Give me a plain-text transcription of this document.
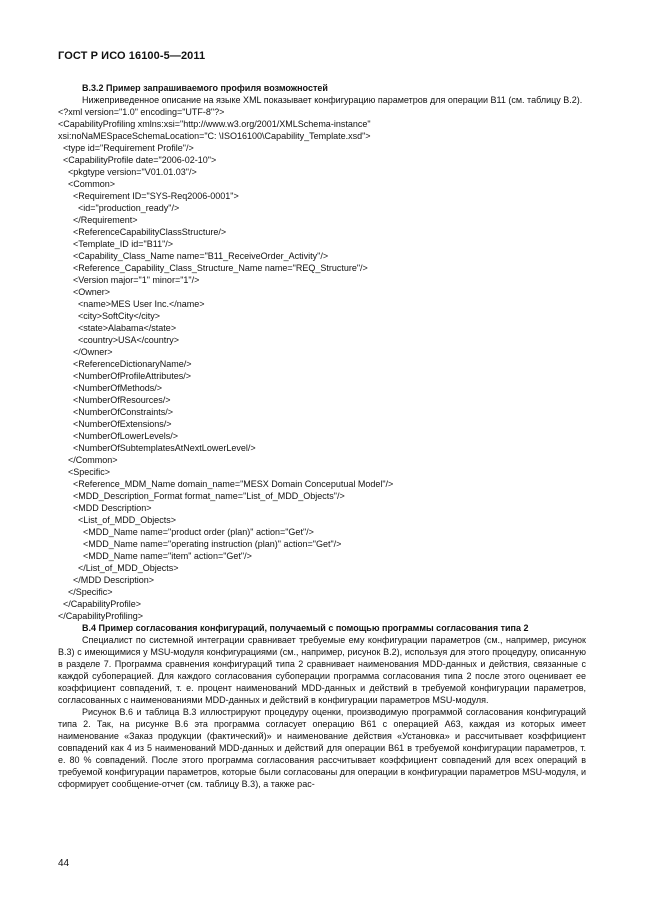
ГОСТ Р ИСО 16100-5—2011
В.3.2 Пример запрашиваемого профиля возможностей

Нижеприведенное описание на языке XML показывает конфигурацию параметров для операции В11 (см. таблицу В.2).

<?xml version="1.0" encoding="UTF-8"?>
<CapabilityProfiling xmlns:xsi="http://www.w3.org/2001/XMLSchema-instance"
xsi:noNaMESpaceSchemaLocation="C: \ISO16100\Capability_Template.xsd">
<type id="Requirement Profile"/>
<CapabilityProfile date="2006-02-10">
<pkgtype version="V01.01.03"/>
<Common>
<Requirement ID="SYS-Req2006-0001">
<id="production_ready"/>
</Requirement>
<ReferenceCapabilityClassStructure/>
<Template_ID id="B11"/>
<Capability_Class_Name name="B11_ReceiveOrder_Activity"/>
<Reference_Capability_Class_Structure_Name name="REQ_Structure"/>
<Version major="1" minor="1"/>
<Owner>
<name>MES User Inc.</name>
<city>SoftCity</city>
<state>Alabama</state>
<country>USA</country>
</Owner>
<ReferenceDictionaryName/>
<NumberOfProfileAttributes/>
<NumberOfMethods/>
<NumberOfResources/>
<NumberOfConstraints/>
<NumberOfExtensions/>
<NumberOfLowerLevels/>
<NumberOfSubtemplatesAtNextLowerLevel/>
</Common>
<Specific>
<Reference_MDM_Name domain_name="MESX Domain Conceputual Model"/>
<MDD_Description_Format format_name="List_of_MDD_Objects"/>
<MDD Description>
<List_of_MDD_Objects>
<MDD_Name name="product order (plan)" action="Get"/>
<MDD_Name name="operating instruction (plan)" action="Get"/>
<MDD_Name name="item" action="Get"/>
</List_of_MDD_Objects>
</MDD Description>
</Specific>
</CapabilityProfile>
</CapabilityProfiling>
В.4 Пример согласования конфигураций, получаемый с помощью программы согласования типа 2

Специалист по системной интеграции сравнивает требуемые ему конфигурации параметров (см., например, рисунок В.3) с имеющимися у MSU-модуля конфигурациями (см., например, рисунок В.2), используя для этого процедуру, описанную в разделе 7. Программа сравнения конфигураций типа 2 сравнивает наименования MDD-данных и действия, связанные с каждой субоперацией. Для каждого согласования субоперации программа согласования типа 2 после этого оценивает ее коэффициент совпадений, т. е. процент наименований MDD-данных и действий в требуемой конфигурации параметров, согласованных с наименованиями MDD-данных и действий в конфигурации параметров MSU-модуля.

Рисунок В.6 и таблица В.3 иллюстрируют процедуру оценки, производимую программой согласования конфигураций типа 2. Так, на рисунке В.6 эта программа согласует операцию В61 с операцией А63, каждая из которых имеет наименование «Заказ продукции (фактический)» и наименование действия «Установка» и рассчитывает коэффициент совпадений как 4 из 5 наименований MDD-данных и действий для операции В61 в требуемой конфигурации параметров, т. е. 80 % совпадений. После этого программа согласования рассчитывает коэффициент совпадений для всех операций в требуемой конфигурации параметров, которые были согласованы для операции в конфигурации параметров MSU-модуля, и сформирует сообщение-отчет (см. таблицу В.3), а также рас-

44
